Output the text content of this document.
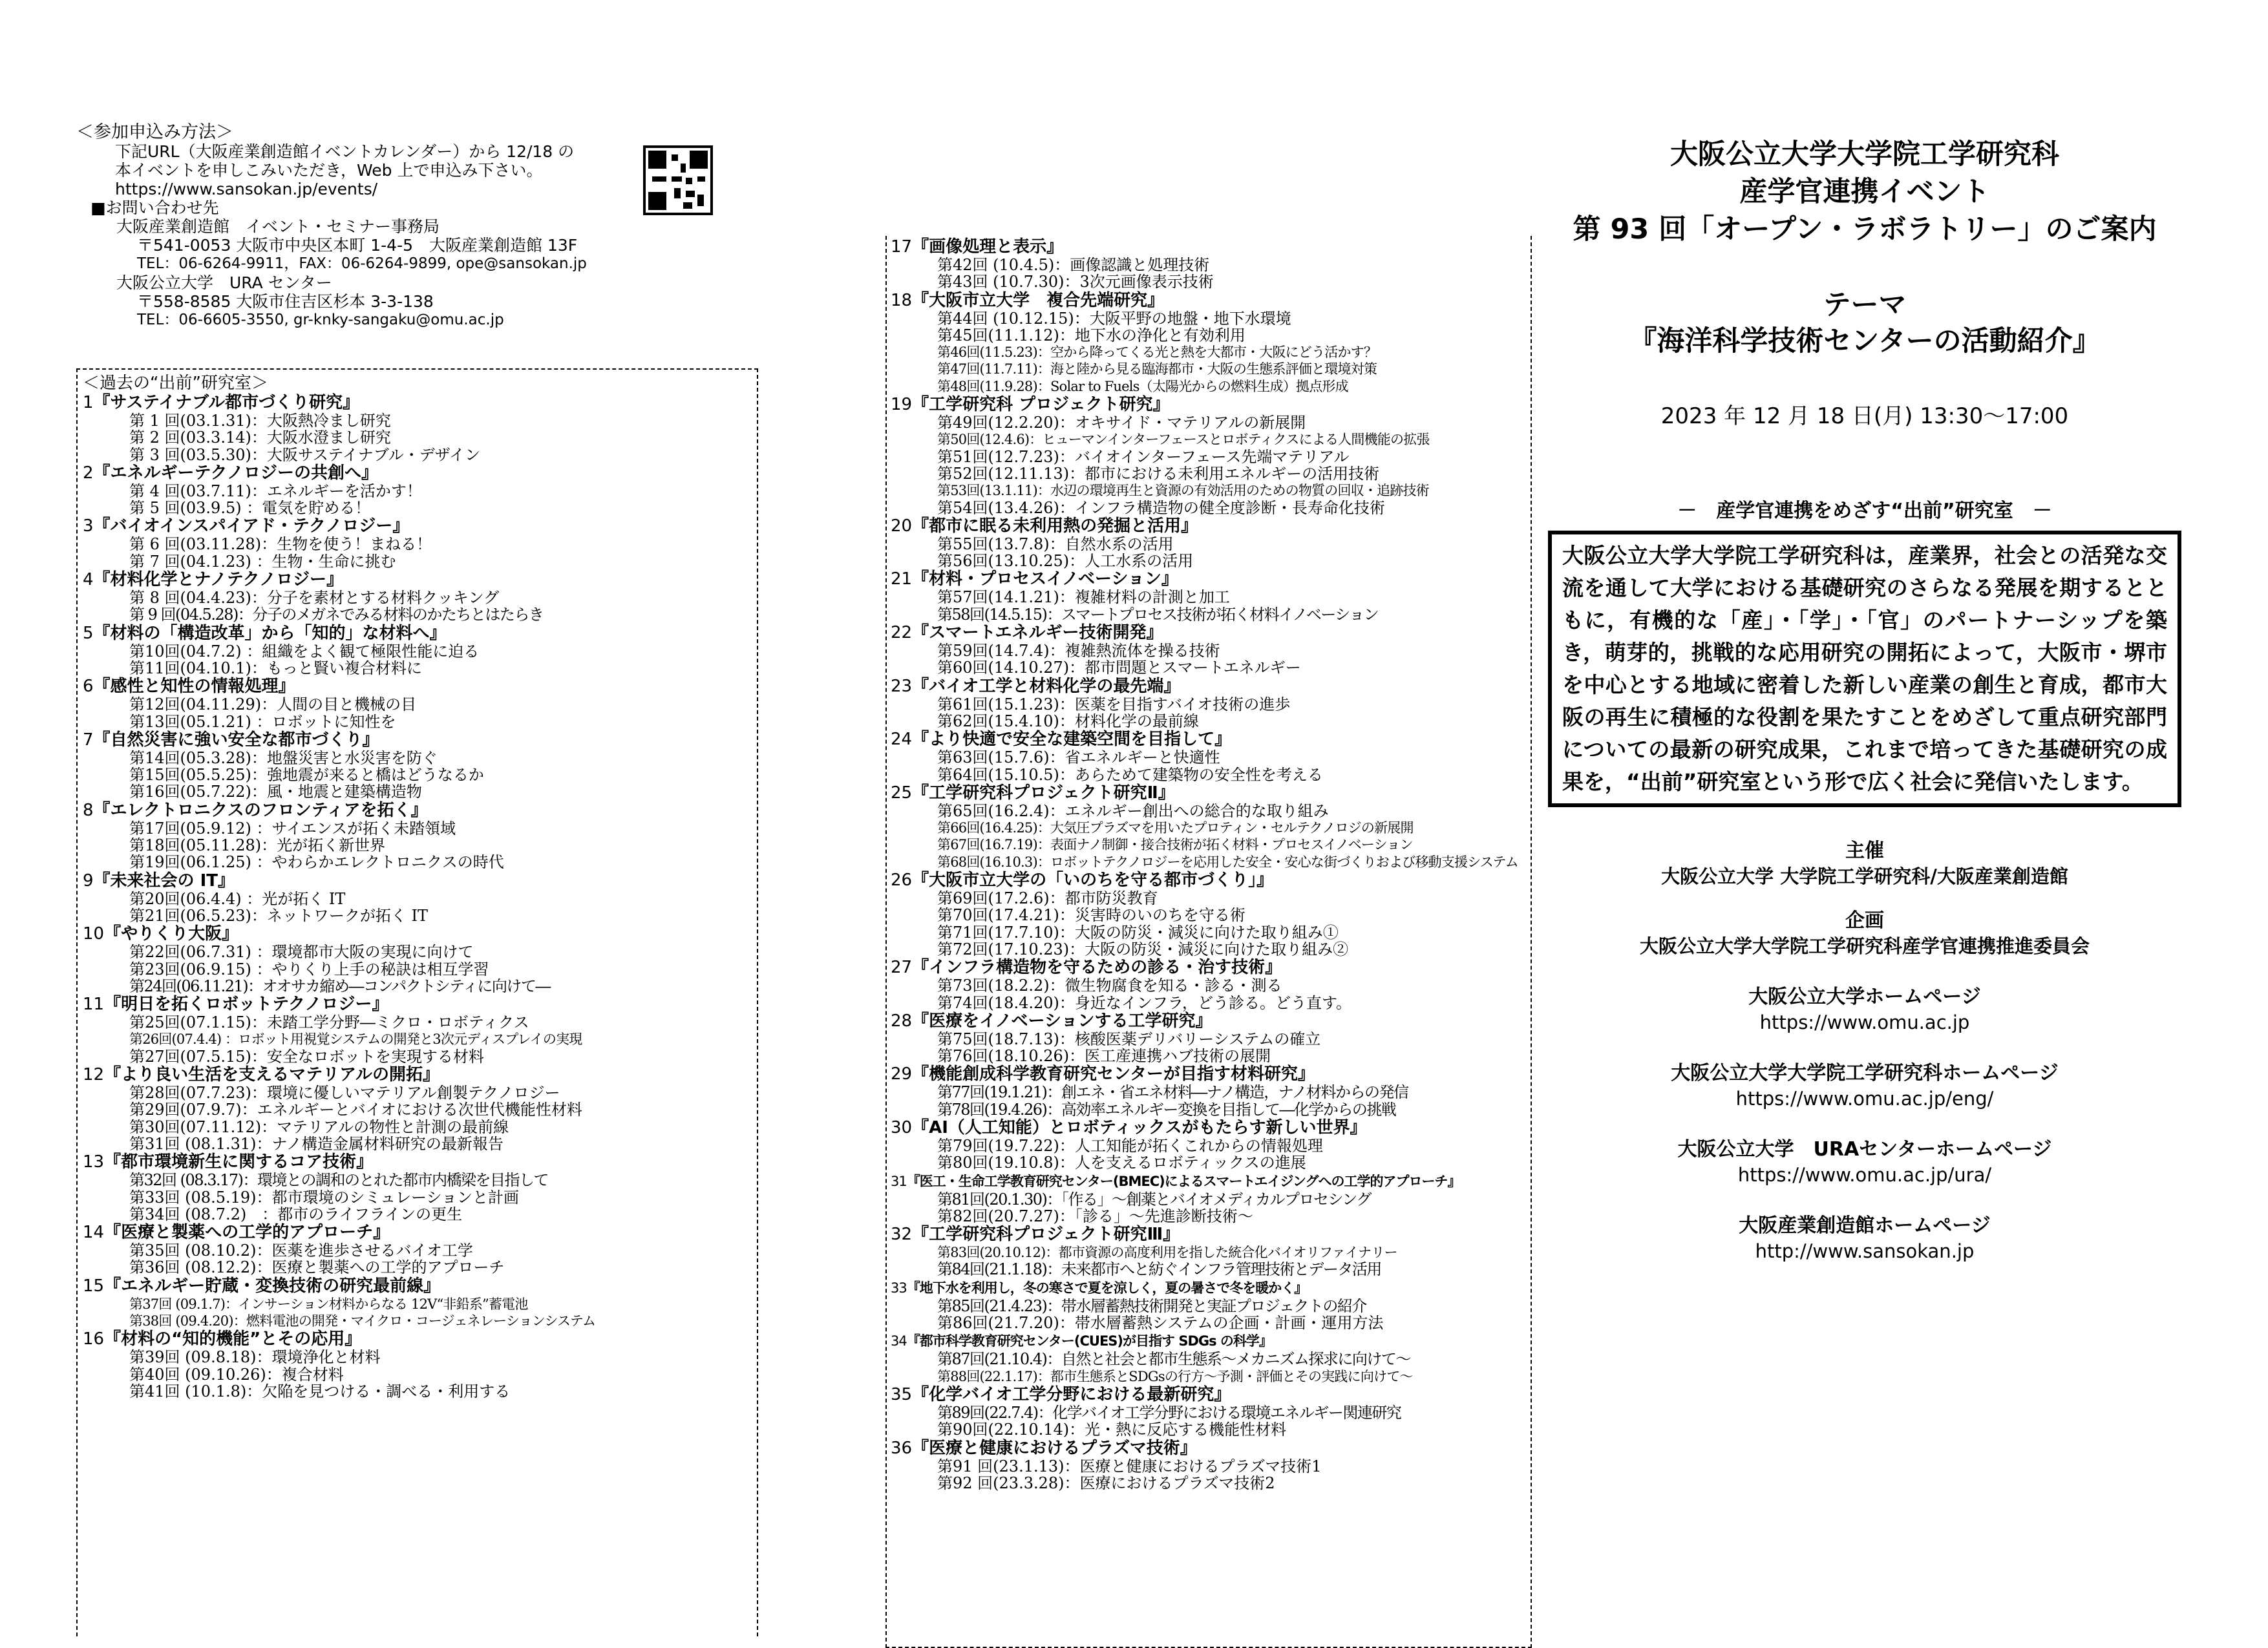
＜参加申込み方法＞
下記URL（大阪産業創造館イベントカレンダー）から 12/18 の
本イベントを申しこみいただき，Web 上で申込み下さい。
https://www.sansokan.jp/events/
■お問い合わせ先
大阪産業創造館　イベント・セミナー事務局
〒541-0053 大阪市中央区本町 1-4-5　大阪産業創造館 13F
TEL：06-6264-9911，FAX：06-6264-9899, ope@sansokan.jp
大阪公立大学　URA センター
〒558-8585 大阪市住吉区杉本 3-3-138
TEL：06-6605-3550, gr-knky-sangaku@omu.ac.jp
＜過去の“出前”研究室＞
1『サステイナブル都市づくり研究』
第 1 回(03.1.31)：大阪熱冷まし研究
第 2 回(03.3.14)：大阪水澄まし研究
第 3 回(03.5.30)：大阪サステイナブル・デザイン
2『エネルギーテクノロジーの共創へ』
第 4 回(03.7.11)：エネルギーを活かす！
第 5 回(03.9.5) ：電気を貯める！
3『バイオインスパイアド・テクノロジー』
第 6 回(03.11.28)：生物を使う！まねる！
第 7 回(04.1.23) ：生物・生命に挑む
4『材料化学とナノテクノロジー』
第 8 回(04.4.23)：分子を素材とする材料クッキング
第 9 回(04.5.28)：分子のメガネでみる材料のかたちとはたらき
5『材料の「構造改革」から「知的」な材料へ』
第10回(04.7.2) ：組織をよく観て極限性能に迫る
第11回(04.10.1)：もっと賢い複合材料に
6『感性と知性の情報処理』
第12回(04.11.29)：人間の目と機械の目
第13回(05.1.21) ：ロボットに知性を
7『自然災害に強い安全な都市づくり』
第14回(05.3.28)：地盤災害と水災害を防ぐ
第15回(05.5.25)：強地震が来ると橋はどうなるか
第16回(05.7.22)：風・地震と建築構造物
8『エレクトロニクスのフロンティアを拓く』
第17回(05.9.12) ：サイエンスが拓く未踏領域
第18回(05.11.28)：光が拓く新世界
第19回(06.1.25) ：やわらかエレクトロニクスの時代
9『未来社会の IT』
第20回(06.4.4) ：光が拓く IT
第21回(06.5.23)：ネットワークが拓く IT
10『やりくり大阪』
第22回(06.7.31) ：環境都市大阪の実現に向けて
第23回(06.9.15) ：やりくり上手の秘訣は相互学習
第24回(06.11.21)：オオサカ縮め―コンパクトシティに向けて―
11『明日を拓くロボットテクノロジー』
第25回(07.1.15)：未踏工学分野―ミクロ・ロボティクス
第26回(07.4.4) ：ロボット用視覚システムの開発と3次元ディスプレイの実現
第27回(07.5.15)：安全なロボットを実現する材料
12『より良い生活を支えるマテリアルの開拓』
第28回(07.7.23)：環境に優しいマテリアル創製テクノロジー
第29回(07.9.7)：エネルギーとバイオにおける次世代機能性材料
第30回(07.11.12)：マテリアルの物性と計測の最前線
第31回 (08.1.31)：ナノ構造金属材料研究の最新報告
13『都市環境新生に関するコア技術』
第32回 (08.3.17)：環境との調和のとれた都市内橋梁を目指して
第33回 (08.5.19)：都市環境のシミュレーションと計画
第34回 (08.7.2)　：都市のライフラインの更生
14『医療と製薬への工学的アプローチ』
第35回 (08.10.2)：医薬を進歩させるバイオ工学
第36回 (08.12.2)：医療と製薬への工学的アプローチ
15『エネルギー貯蔵・変換技術の研究最前線』
第37回 (09.1.7)：インサーション材料からなる 12V“非鉛系”蓄電池
第38回 (09.4.20)：燃料電池の開発・マイクロ・コージェネレーションシステム
16『材料の“知的機能”とその応用』
第39回 (09.8.18)：環境浄化と材料
第40回 (09.10.26)：複合材料
第41回 (10.1.8)：欠陥を見つける・調べる・利用する
17『画像処理と表示』
第42回 (10.4.5)：画像認識と処理技術
第43回 (10.7.30)：3次元画像表示技術
18『大阪市立大学　複合先端研究』
第44回 (10.12.15)：大阪平野の地盤・地下水環境
第45回(11.1.12)：地下水の浄化と有効利用
第46回(11.5.23)：空から降ってくる光と熱を大都市・大阪にどう活かす？
第47回(11.7.11)：海と陸から見る臨海都市・大阪の生態系評価と環境対策
第48回(11.9.28)：Solar to Fuels（太陽光からの燃料生成）拠点形成
19『工学研究科 プロジェクト研究』
第49回(12.2.20)：オキサイド・マテリアルの新展開
第50回(12.4.6)：ヒューマンインターフェースとロボティクスによる人間機能の拡張
第51回(12.7.23)：バイオインターフェース先端マテリアル
第52回(12.11.13)：都市における未利用エネルギーの活用技術
第53回(13.1.11)：水辺の環境再生と資源の有効活用のための物質の回収・追跡技術
第54回(13.4.26)：インフラ構造物の健全度診断・長寿命化技術
20『都市に眠る未利用熱の発掘と活用』
第55回(13.7.8)：自然水系の活用
第56回(13.10.25)：人工水系の活用
21『材料・プロセスイノベーション』
第57回(14.1.21)：複雑材料の計測と加工
第58回(14.5.15)：スマートプロセス技術が拓く材料イノベーション
22『スマートエネルギー技術開発』
第59回(14.7.4)：複雑熱流体を操る技術
第60回(14.10.27)：都市問題とスマートエネルギー
23『バイオ工学と材料化学の最先端』
第61回(15.1.23)：医薬を目指すバイオ技術の進歩
第62回(15.4.10)：材料化学の最前線
24『より快適で安全な建築空間を目指して』
第63回(15.7.6)：省エネルギーと快適性
第64回(15.10.5)：あらためて建築物の安全性を考える
25『工学研究科プロジェクト研究Ⅱ』
第65回(16.2.4)：エネルギー創出への総合的な取り組み
第66回(16.4.25)：大気圧プラズマを用いたプロティン・セルテクノロジの新展開
第67回(16.7.19)：表面ナノ制御・接合技術が拓く材料・プロセスイノベーション
第68回(16.10.3)：ロボットテクノロジーを応用した安全・安心な街づくりおよび移動支援システム
26『大阪市立大学の「いのちを守る都市づくり」』
第69回(17.2.6)：都市防災教育
第70回(17.4.21)：災害時のいのちを守る術
第71回(17.7.10)：大阪の防災・減災に向けた取り組み①
第72回(17.10.23)：大阪の防災・減災に向けた取り組み②
27『インフラ構造物を守るための診る・治す技術』
第73回(18.2.2)：微生物腐食を知る・診る・測る
第74回(18.4.20)：身近なインフラ，どう診る。どう直す。
28『医療をイノベーションする工学研究』
第75回(18.7.13)：核酸医薬デリバリーシステムの確立
第76回(18.10.26)：医工産連携ハブ技術の展開
29『機能創成科学教育研究センターが目指す材料研究』
第77回(19.1.21)：創エネ・省エネ材料―ナノ構造，ナノ材料からの発信
第78回(19.4.26)：高効率エネルギー変換を目指して―化学からの挑戦
30『AI（人工知能）とロボティックスがもたらす新しい世界』
第79回(19.7.22)：人工知能が拓くこれからの情報処理
第80回(19.10.8)：人を支えるロボティックスの進展
31『医工・生命工学教育研究センター(BMEC)によるスマートエイジングへの工学的アプローチ』
第81回(20.1.30)：「作る」～創薬とバイオメディカルプロセシング
第82回(20.7.27)：「診る」～先進診断技術～
32『工学研究科プロジェクト研究Ⅲ』
第83回(20.10.12)：都市資源の高度利用を指した統合化バイオリファイナリー
第84回(21.1.18)：未来都市へと紡ぐインフラ管理技術とデータ活用
33『地下水を利用し，冬の寒さで夏を涼しく，夏の暑さで冬を暖かく』
第85回(21.4.23)：帯水層蓄熱技術開発と実証プロジェクトの紹介
第86回(21.7.20)：帯水層蓄熱システムの企画・計画・運用方法
34『都市科学教育研究センター(CUES)が目指す SDGs の科学』
第87回(21.10.4)：自然と社会と都市生態系～メカニズム探求に向けて～
第88回(22.1.17)：都市生態系とSDGsの行方～予測・評価とその実践に向けて～
35『化学バイオ工学分野における最新研究』
第89回(22.7.4)：化学バイオ工学分野における環境エネルギー関連研究
第90回(22.10.14)：光・熱に反応する機能性材料
36『医療と健康におけるプラズマ技術』
第91 回(23.1.13)：医療と健康におけるプラズマ技術1
第92 回(23.3.28)：医療におけるプラズマ技術2
大阪公立大学大学院工学研究科
産学官連携イベント
第 93 回「オープン・ラボラトリー」のご案内
テーマ
『海洋科学技術センターの活動紹介』
2023 年 12 月 18 日(月) 13:30～17:00
－　産学官連携をめざす“出前”研究室　－
大阪公立大学大学院工学研究科は，産業界，社会との活発な交流を通して大学における基礎研究のさらなる発展を期するとともに，有機的な「産」・「学」・「官」のパートナーシップを築き，萌芽的，挑戦的な応用研究の開拓によって，大阪市・堺市を中心とする地域に密着した新しい産業の創生と育成，都市大阪の再生に積極的な役割を果たすことをめざして重点研究部門についての最新の研究成果，これまで培ってきた基礎研究の成果を，“出前”研究室という形で広く社会に発信いたします。
主催
大阪公立大学 大学院工学研究科/大阪産業創造館
企画
大阪公立大学大学院工学研究科産学官連携推進委員会
大阪公立大学ホームページ
https://www.omu.ac.jp
大阪公立大学大学院工学研究科ホームページ
https://www.omu.ac.jp/eng/
大阪公立大学　URAセンターホームページ
https://www.omu.ac.jp/ura/
大阪産業創造館ホームページ
http://www.sansokan.jp
